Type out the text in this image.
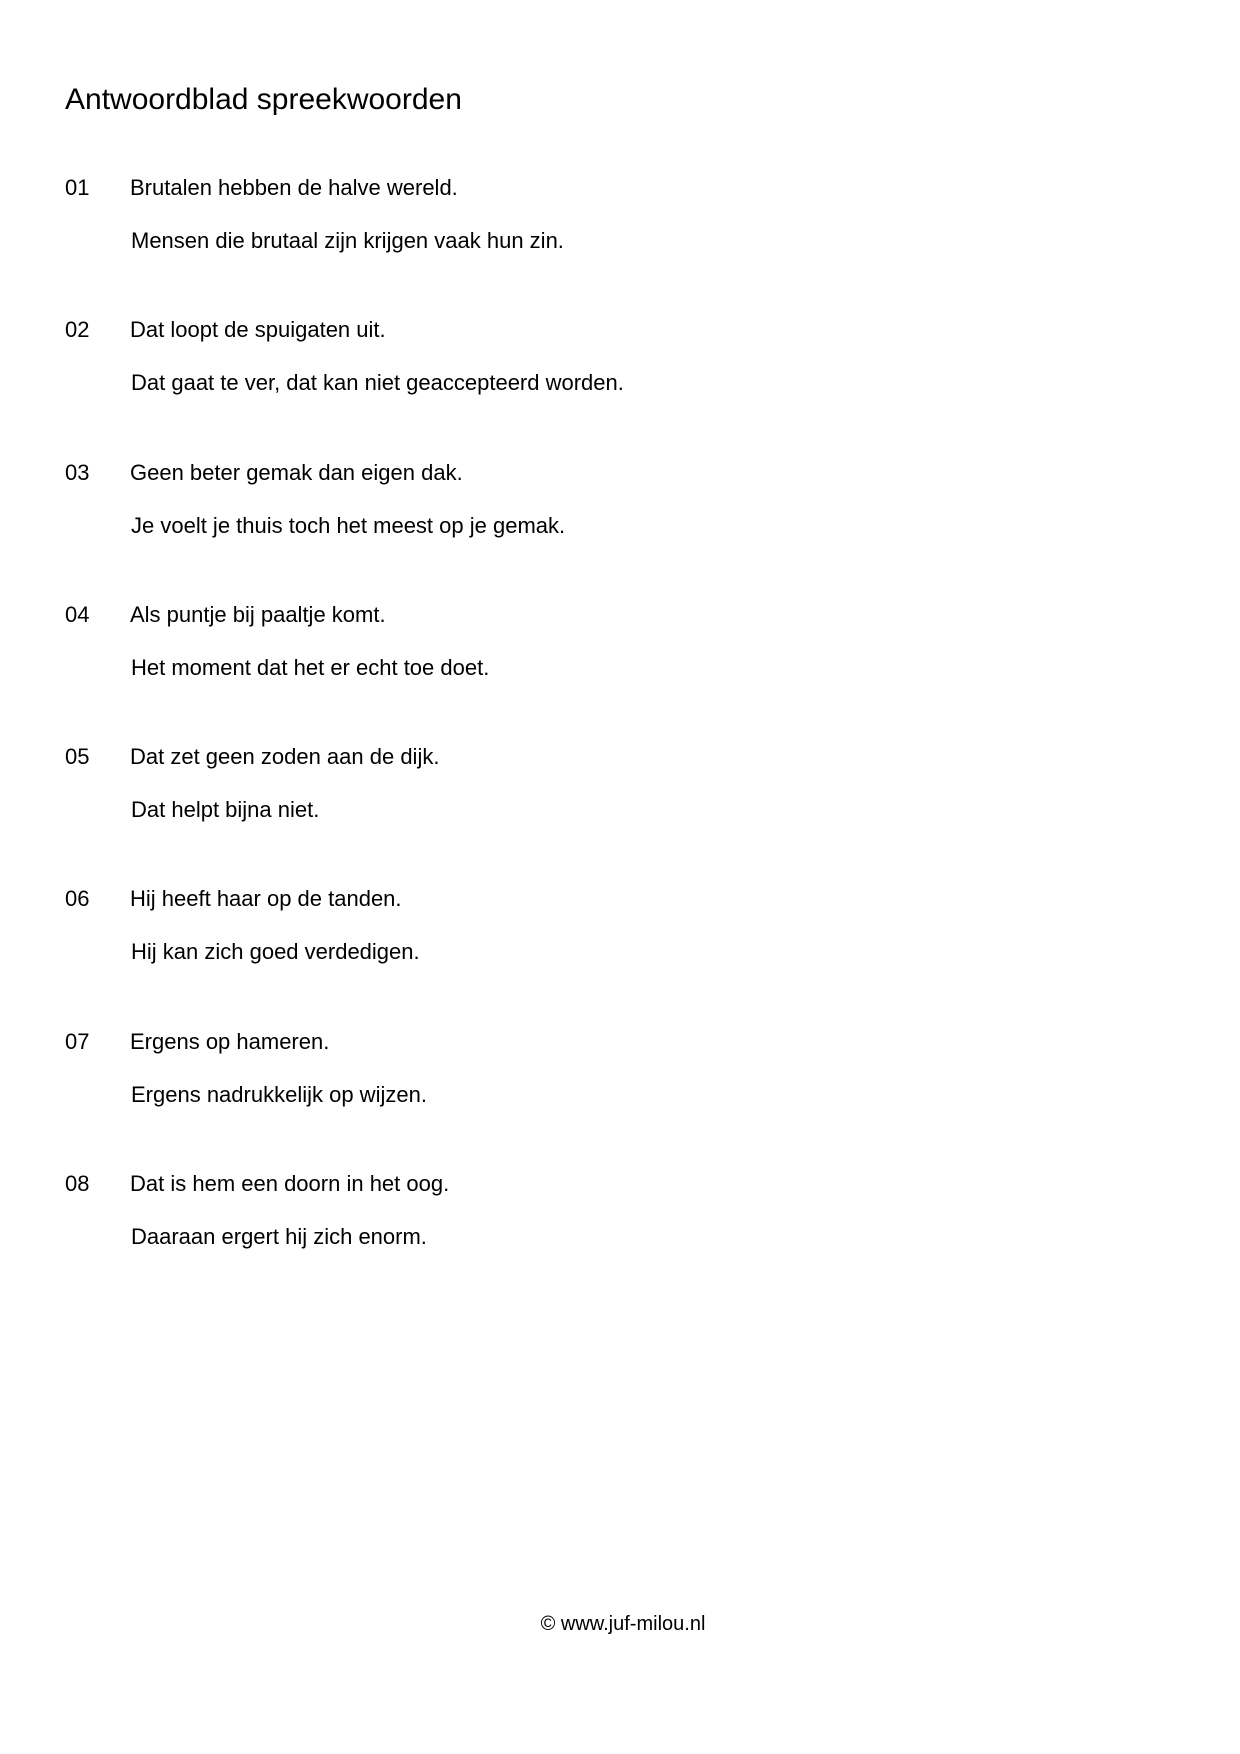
Antwoordblad spreekwoorden
01	Brutalen hebben de halve wereld.
Mensen die brutaal zijn krijgen vaak hun zin.
02	Dat loopt de spuigaten uit.
Dat gaat te ver, dat kan niet geaccepteerd worden.
03	Geen beter gemak dan eigen dak.
Je voelt je thuis toch het meest op je gemak.
04	Als puntje bij paaltje komt.
Het moment dat het er echt toe doet.
05	Dat zet geen zoden aan de dijk.
Dat helpt bijna niet.
06	Hij heeft haar op de tanden.
Hij kan zich goed verdedigen.
07	Ergens op hameren.
Ergens nadrukkelijk op wijzen.
08	Dat is hem een doorn in het oog.
Daaraan ergert hij zich enorm.
© www.juf-milou.nl
